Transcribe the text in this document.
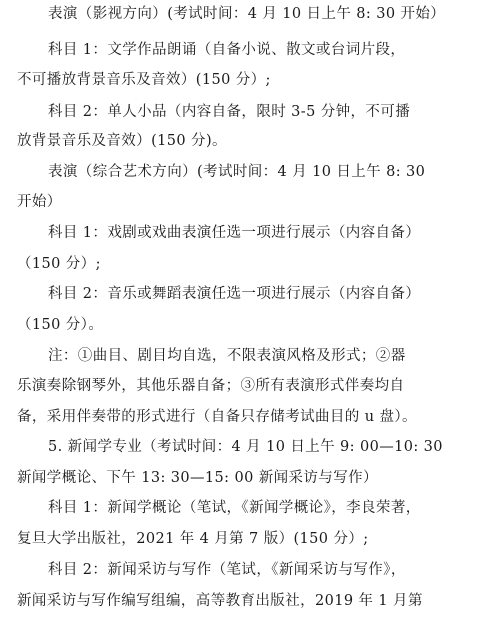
表演（影视方向）(考试时间：4 月 10 日上午 8: 30 开始）
科目 1：文学作品朗诵（自备小说、散文或台词片段，
不可播放背景音乐及音效）(150 分）;
科目 2：单人小品（内容自备，限时 3-5 分钟，不可播
放背景音乐及音效）(150 分)。
表演（综合艺术方向）(考试时间：4 月 10 日上午 8: 30
开始）
科目 1：戏剧或戏曲表演任选一项进行展示（内容自备）
（150 分）;
科目 2：音乐或舞蹈表演任选一项进行展示（内容自备）
（150 分）。
注：①曲目、剧目均自选，不限表演风格及形式；②器
乐演奏除钢琴外，其他乐器自备；③所有表演形式伴奏均自
备，采用伴奏带的形式进行（自备只存储考试曲目的 u 盘）。
5. 新闻学专业（考试时间：4 月 10 日上午 9: 00—10: 30
新闻学概论、下午 13: 30—15: 00 新闻采访与写作）
科目 1：新闻学概论（笔试，《新闻学概论》，李良荣著，
复旦大学出版社，2021 年 4 月第 7 版）(150 分）;
科目 2：新闻采访与写作（笔试，《新闻采访与写作》，
新闻采访与写作编写组编，高等教育出版社，2019 年 1 月第
